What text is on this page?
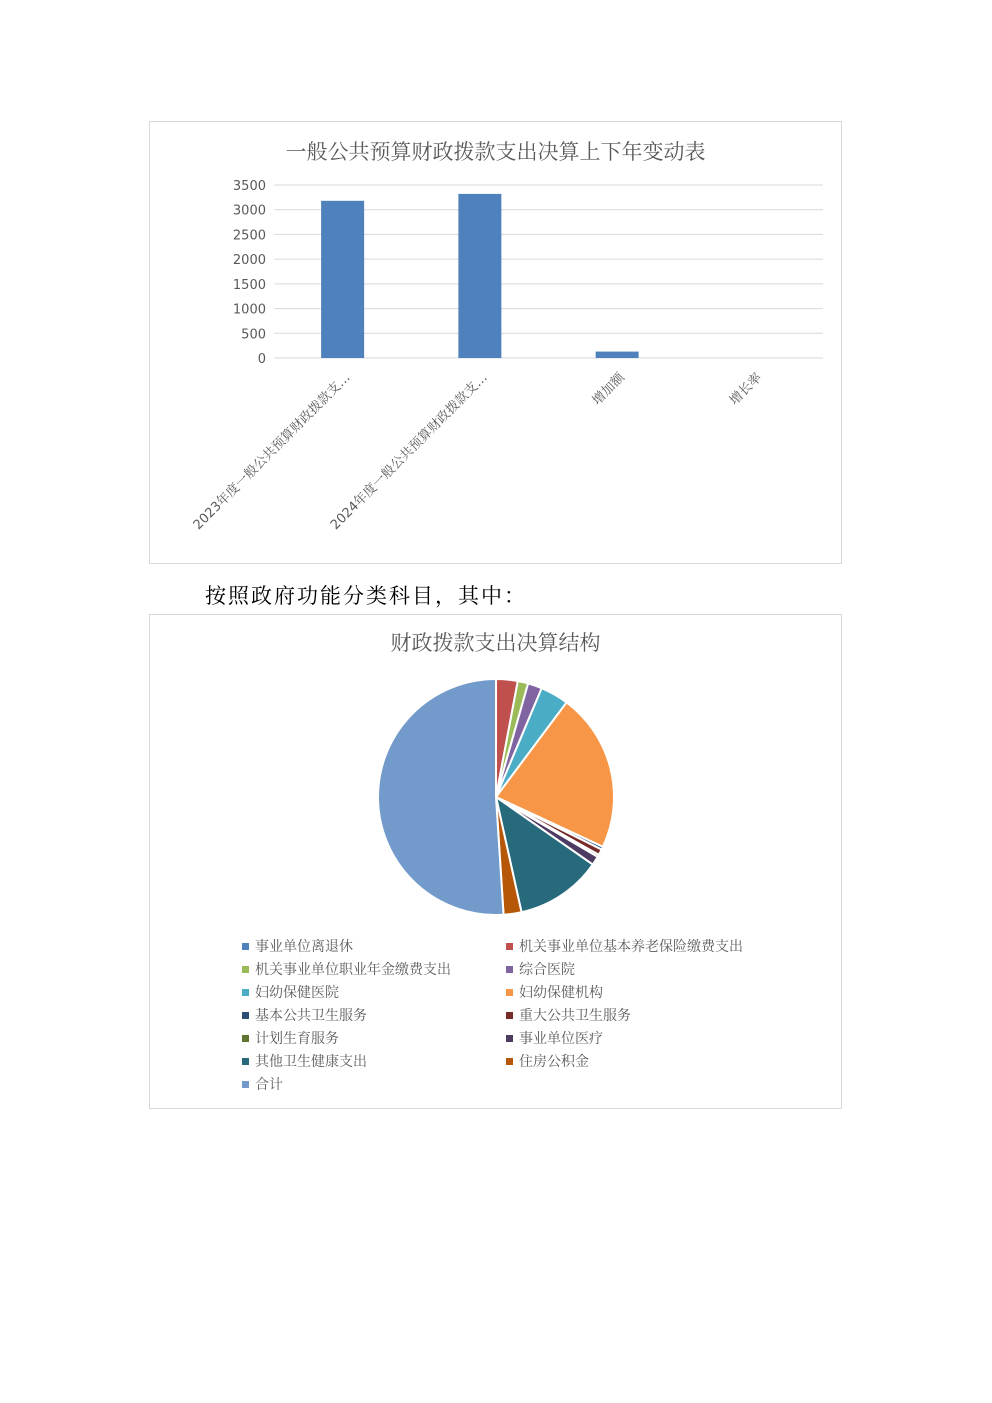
一般公共预算财政拨款支出决算上下年变动表
0
500
1000
1500
2000
2500
3000
3500
2023年度一般公共预算财政拨款支…
2024年度一般公共预算财政拨款支…	增加额	增长率
按照政府功能分类科目，其中：
财政拨款支出决算结构
事业单位离退休	机关事业单位基本养老保险缴费支出
机关事业单位职业年金缴费支出	综合医院
妇幼保健医院	妇幼保健机构
基本公共卫生服务	重大公共卫生服务
计划生育服务	事业单位医疗
其他卫生健康支出	住房公积金
合计
